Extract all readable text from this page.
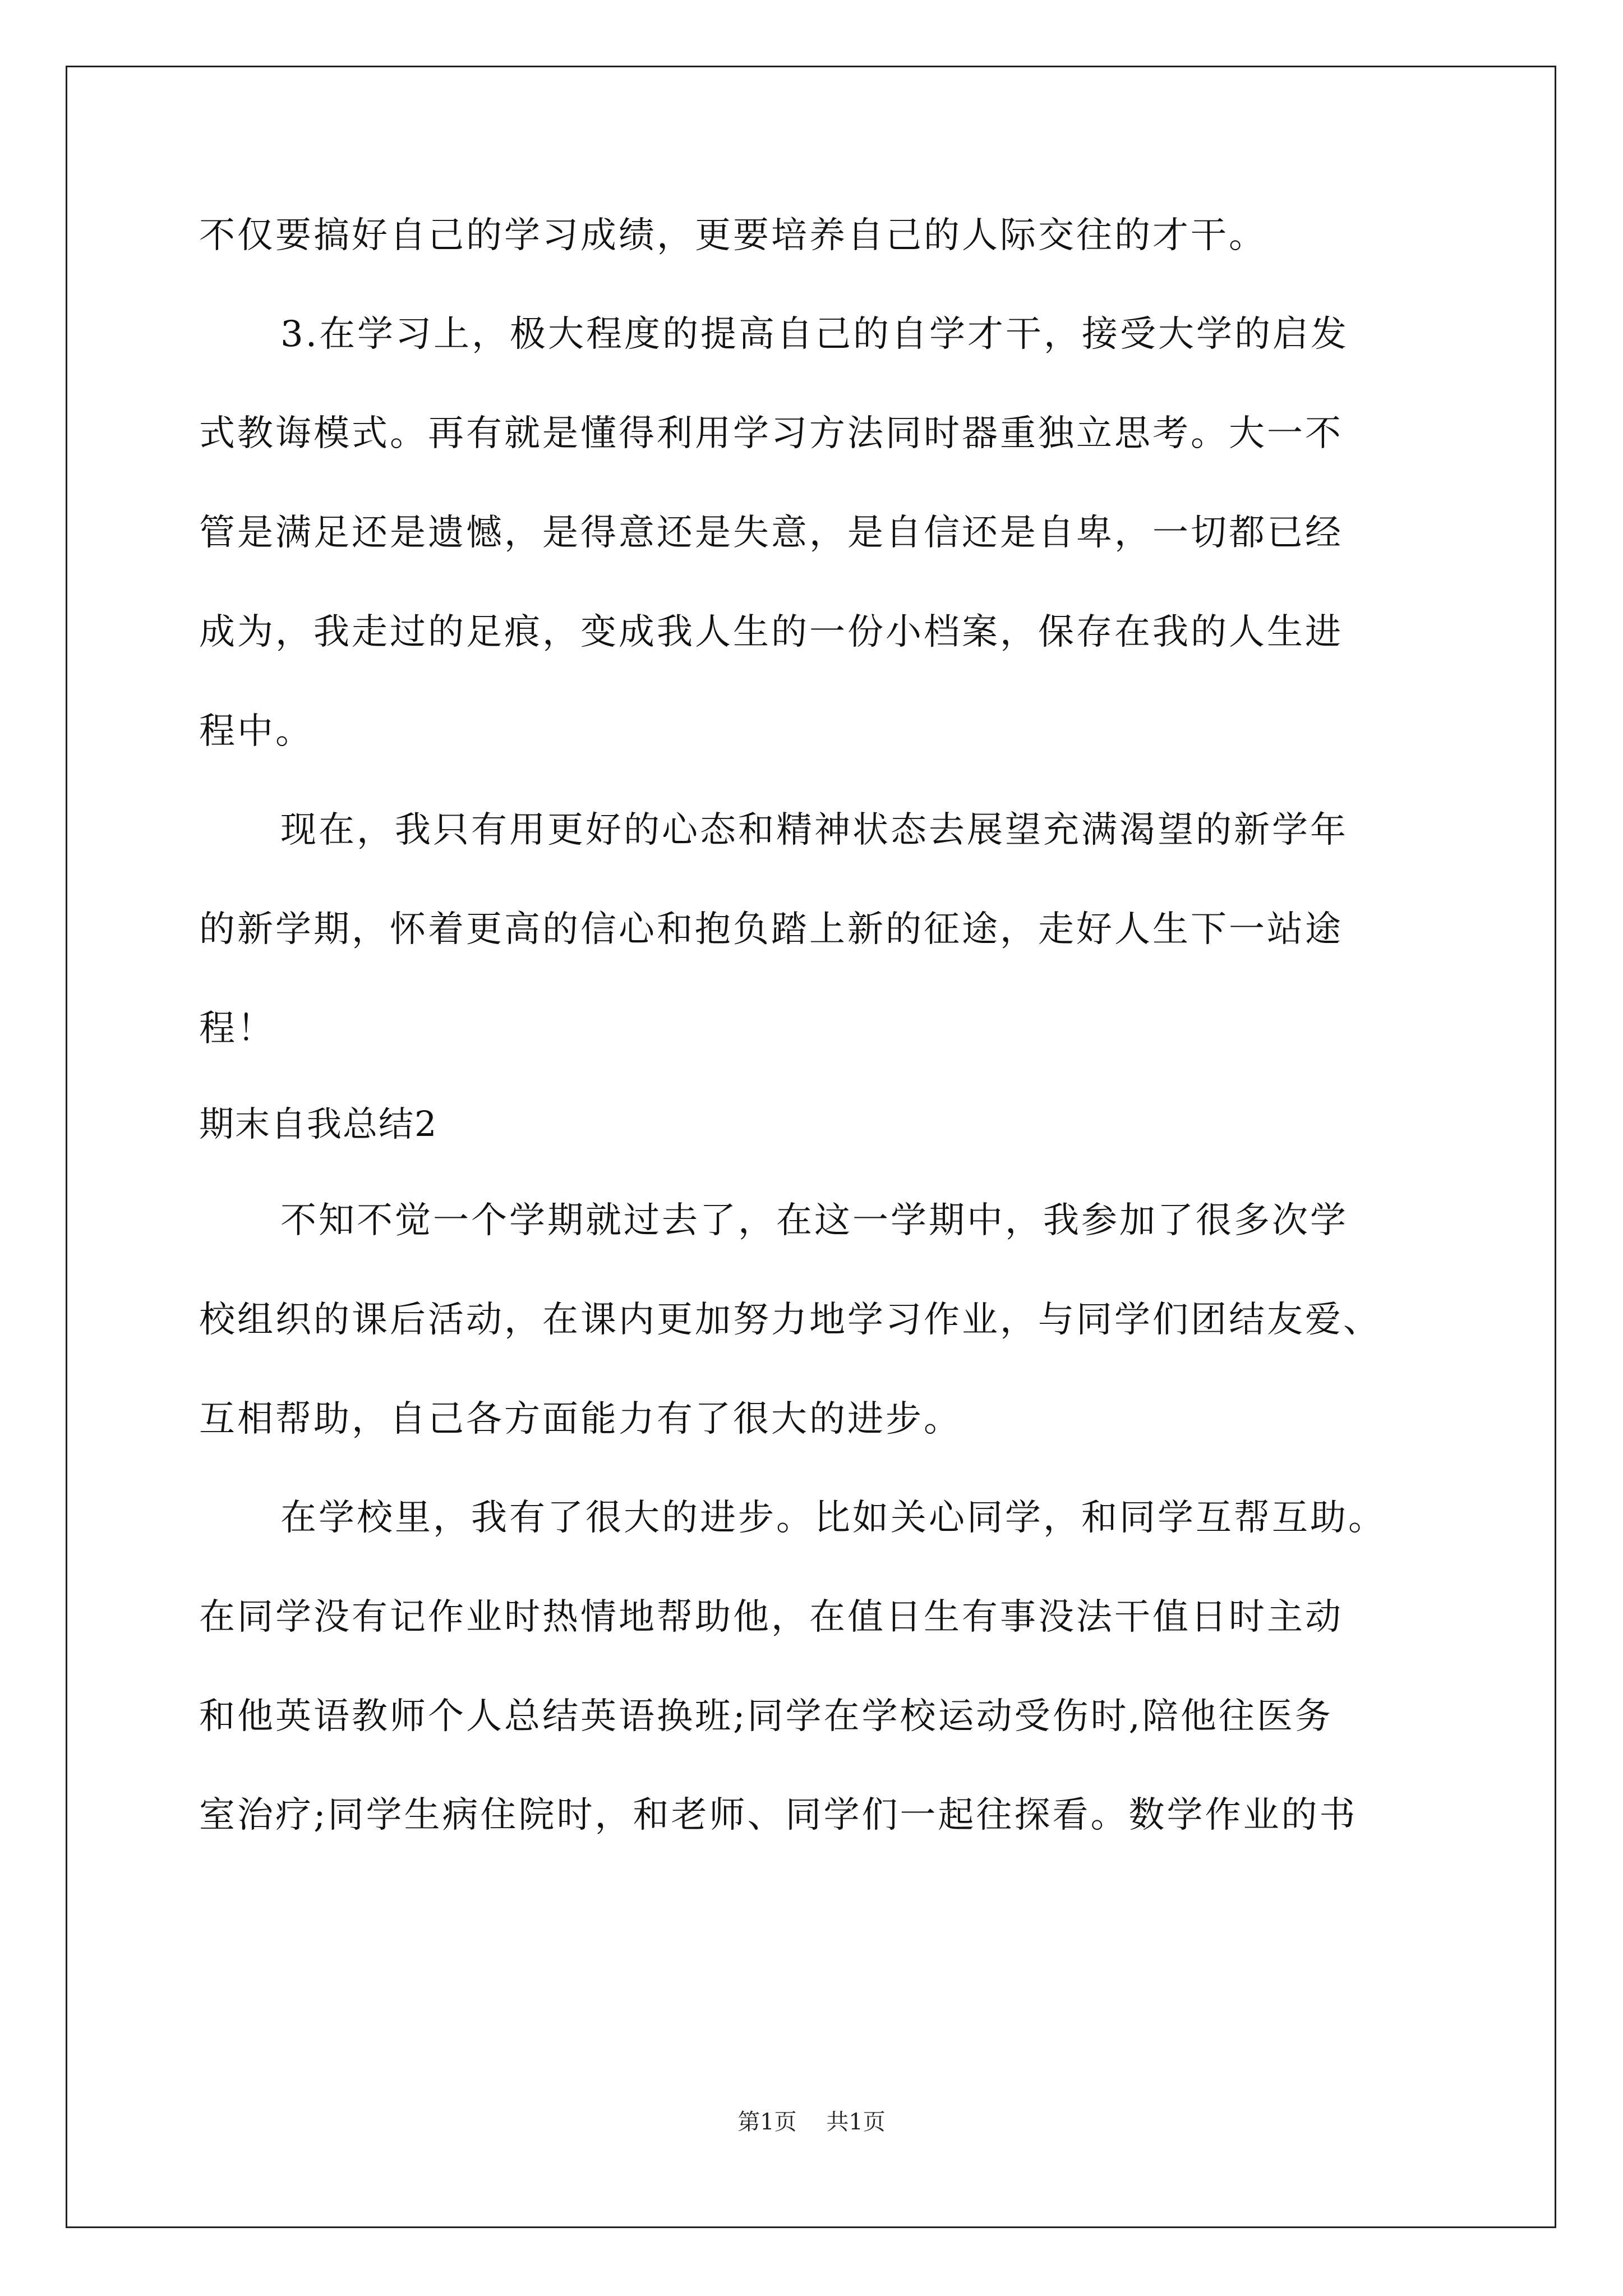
不仅要搞好自己的学习成绩，更要培养自己的人际交往的才干。
3.在学习上，极大程度的提高自己的自学才干，接受大学的启发
式教诲模式。再有就是懂得利用学习方法同时器重独立思考。大一不
管是满足还是遗憾，是得意还是失意，是自信还是自卑，一切都已经
成为，我走过的足痕，变成我人生的一份小档案，保存在我的人生进
程中。
现在，我只有用更好的心态和精神状态去展望充满渴望的新学年
的新学期，怀着更高的信心和抱负踏上新的征途，走好人生下一站途
程！
期末自我总结2
不知不觉一个学期就过去了，在这一学期中，我参加了很多次学
校组织的课后活动，在课内更加努力地学习作业，与同学们团结友爱、
互相帮助，自己各方面能力有了很大的进步。
在学校里，我有了很大的进步。比如关心同学，和同学互帮互助。
在同学没有记作业时热情地帮助他，在值日生有事没法干值日时主动
和他英语教师个人总结英语换班;同学在学校运动受伤时,陪他往医务
室治疗;同学生病住院时，和老师、同学们一起往探看。数学作业的书
第1页 共1页
